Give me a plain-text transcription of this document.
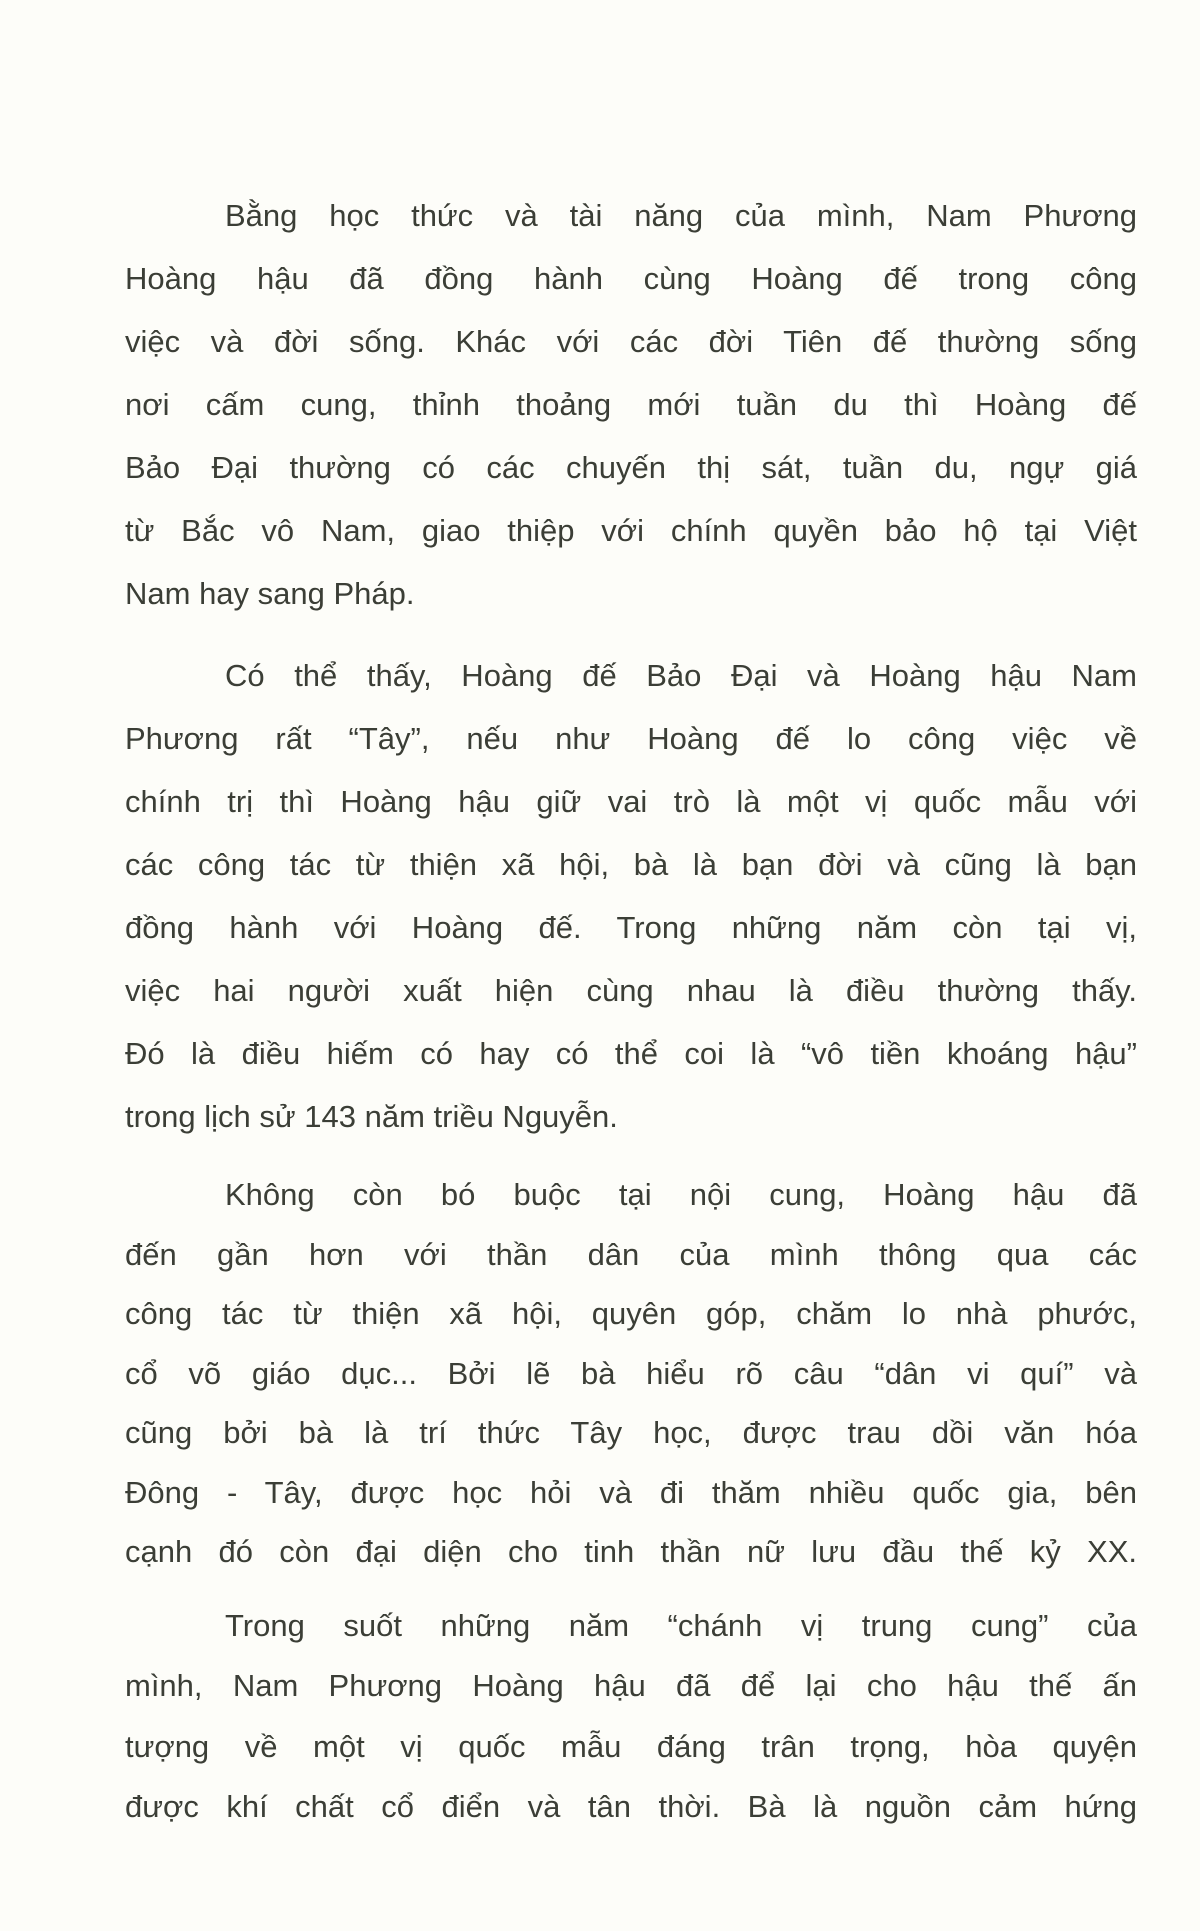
Bằng học thức và tài năng của mình, Nam Phương
Hoàng hậu đã đồng hành cùng Hoàng đế trong công
việc và đời sống. Khác với các đời Tiên đế thường sống
nơi cấm cung, thỉnh thoảng mới tuần du thì Hoàng đế
Bảo Đại thường có các chuyến thị sát, tuần du, ngự giá
từ Bắc vô Nam, giao thiệp với chính quyền bảo hộ tại Việt
Nam hay sang Pháp.
Có thể thấy, Hoàng đế Bảo Đại và Hoàng hậu Nam
Phương rất “Tây”, nếu như Hoàng đế lo công việc về
chính trị thì Hoàng hậu giữ vai trò là một vị quốc mẫu với
các công tác từ thiện xã hội, bà là bạn đời và cũng là bạn
đồng hành với Hoàng đế. Trong những năm còn tại vị,
việc hai người xuất hiện cùng nhau là điều thường thấy.
Đó là điều hiếm có hay có thể coi là “vô tiền khoáng hậu”
trong lịch sử 143 năm triều Nguyễn.
Không còn bó buộc tại nội cung, Hoàng hậu đã
đến gần hơn với thần dân của mình thông qua các
công tác từ thiện xã hội, quyên góp, chăm lo nhà phước,
cổ võ giáo dục... Bởi lẽ bà hiểu rõ câu “dân vi quí” và
cũng bởi bà là trí thức Tây học, được trau dồi văn hóa
Đông - Tây, được học hỏi và đi thăm nhiều quốc gia, bên
cạnh đó còn đại diện cho tinh thần nữ lưu đầu thế kỷ XX.
Trong suốt những năm “chánh vị trung cung” của
mình, Nam Phương Hoàng hậu đã để lại cho hậu thế ấn
tượng về một vị quốc mẫu đáng trân trọng, hòa quyện
được khí chất cổ điển và tân thời. Bà là nguồn cảm hứng
